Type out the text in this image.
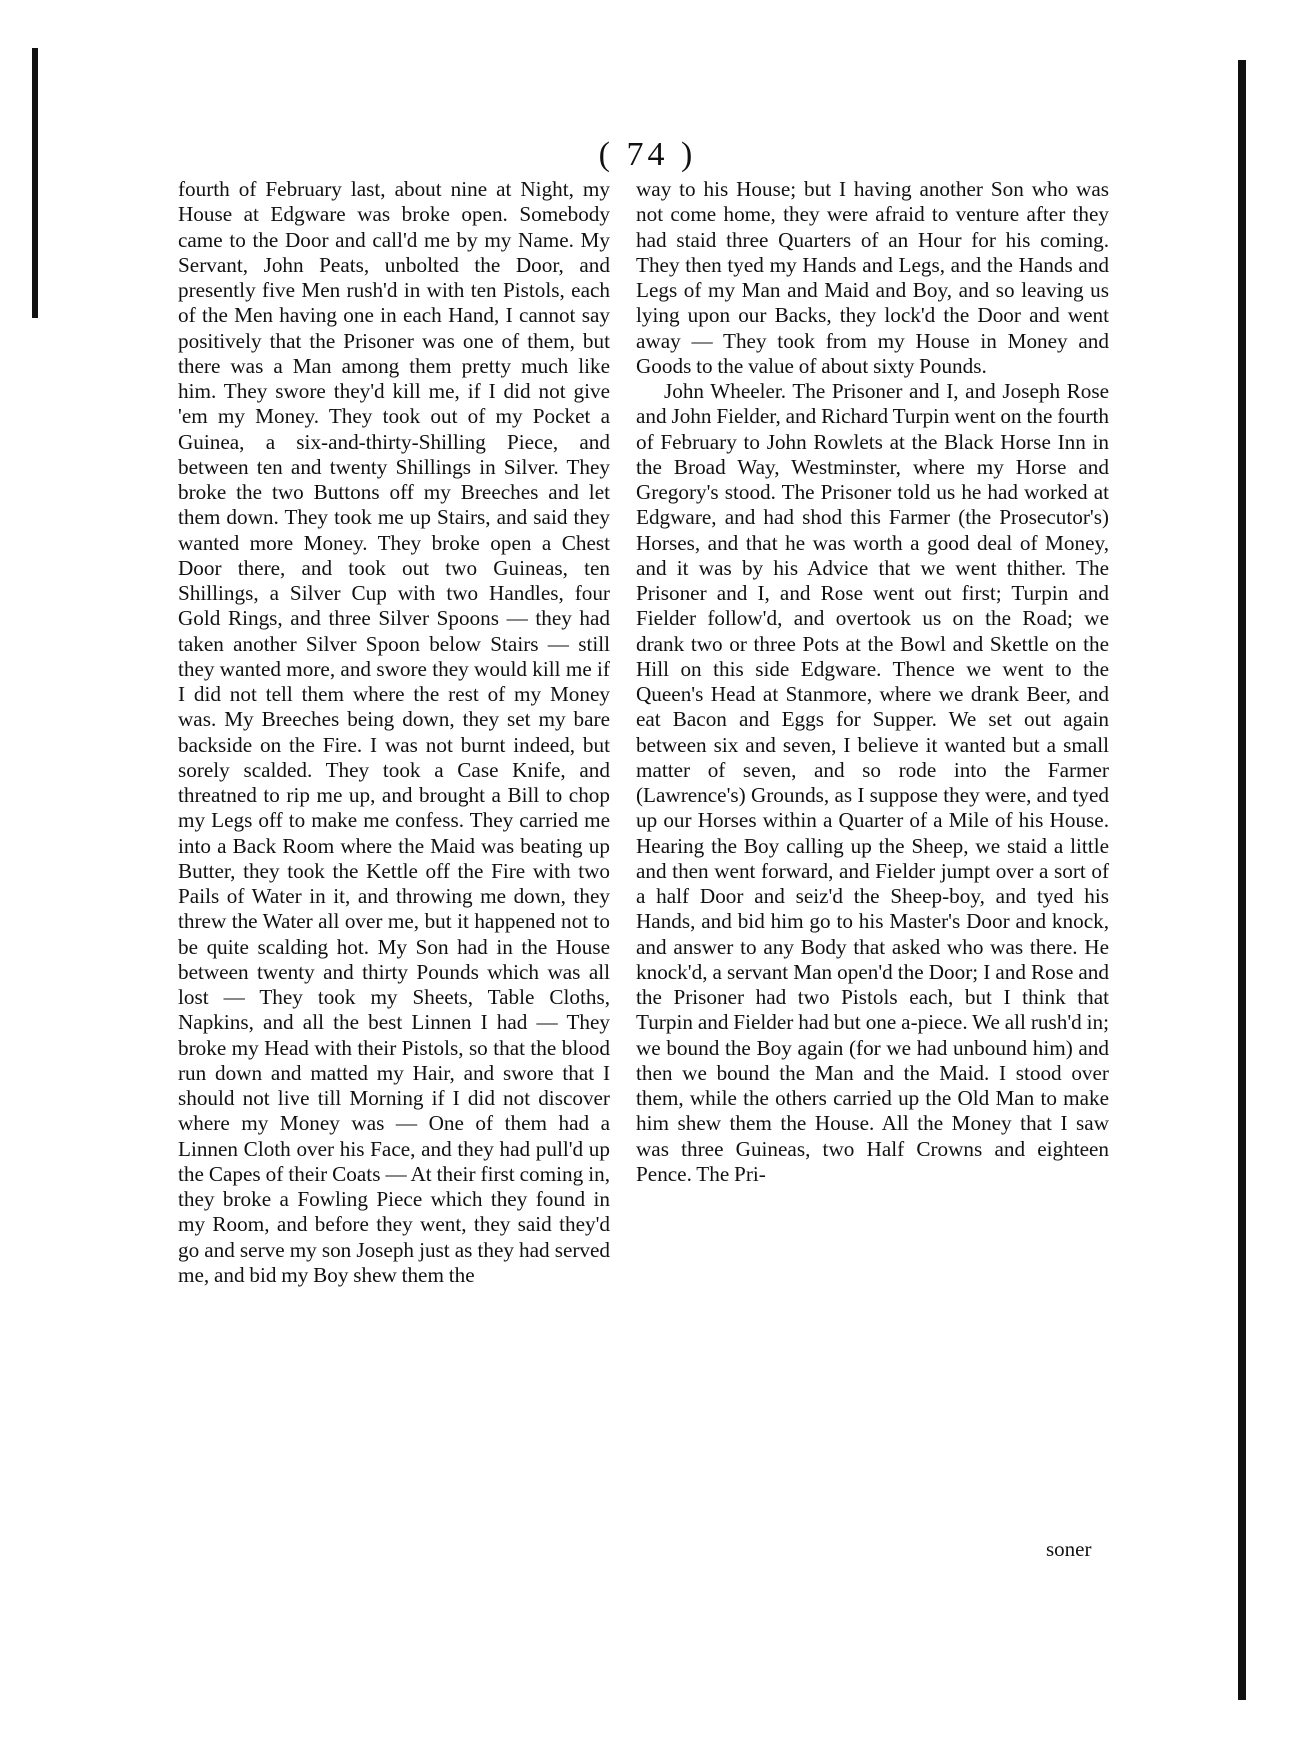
( 74 )

fourth of February last, about nine at Night, my House at Edgware was broke open. Somebody came to the Door and call'd me by my Name. My Servant, John Peats, unbolted the Door, and presently five Men rush'd in with ten Pistols, each of the Men having one in each Hand, I cannot say positively that the Prisoner was one of them, but there was a Man among them pretty much like him. They swore they'd kill me, if I did not give 'em my Money. They took out of my Pocket a Guinea, a six-and-thirty-Shilling Piece, and between ten and twenty Shillings in Silver. They broke the two Buttons off my Breeches and let them down. They took me up Stairs, and said they wanted more Money. They broke open a Chest Door there, and took out two Guineas, ten Shillings, a Silver Cup with two Handles, four Gold Rings, and three Silver Spoons — they had taken another Silver Spoon below Stairs — still they wanted more, and swore they would kill me if I did not tell them where the rest of my Money was. My Breeches being down, they set my bare backside on the Fire. I was not burnt indeed, but sorely scalded. They took a Case Knife, and threatned to rip me up, and brought a Bill to chop my Legs off to make me confess. They carried me into a Back Room where the Maid was beating up Butter, they took the Kettle off the Fire with two Pails of Water in it, and throwing me down, they threw the Water all over me, but it happened not to be quite scalding hot. My Son had in the House between twenty and thirty Pounds which was all lost — They took my Sheets, Table Cloths, Napkins, and all the best Linnen I had — They broke my Head with their Pistols, so that the blood run down and matted my Hair, and swore that I should not live till Morning if I did not discover where my Money was — One of them had a Linnen Cloth over his Face, and they had pull'd up the Capes of their Coats — At their first coming in, they broke a Fowling Piece which they found in my Room, and before they went, they said they'd go and serve my son Joseph just as they had served me, and bid my Boy shew them the

way to his House; but I having another Son who was not come home, they were afraid to venture after they had staid three Quarters of an Hour for his coming. They then tyed my Hands and Legs, and the Hands and Legs of my Man and Maid and Boy, and so leaving us lying upon our Backs, they lock'd the Door and went away — They took from my House in Money and Goods to the value of about sixty Pounds.

John Wheeler. The Prisoner and I, and Joseph Rose and John Fielder, and Richard Turpin went on the fourth of February to John Rowlets at the Black Horse Inn in the Broad Way, Westminster, where my Horse and Gregory's stood. The Prisoner told us he had worked at Edgware, and had shod this Farmer (the Prosecutor's) Horses, and that he was worth a good deal of Money, and it was by his Advice that we went thither. The Prisoner and I, and Rose went out first; Turpin and Fielder follow'd, and overtook us on the Road; we drank two or three Pots at the Bowl and Skettle on the Hill on this side Edgware. Thence we went to the Queen's Head at Stanmore, where we drank Beer, and eat Bacon and Eggs for Supper. We set out again between six and seven, I believe it wanted but a small matter of seven, and so rode into the Farmer (Lawrence's) Grounds, as I suppose they were, and tyed up our Horses within a Quarter of a Mile of his House. Hearing the Boy calling up the Sheep, we staid a little and then went forward, and Fielder jumpt over a sort of a half Door and seiz'd the Sheep-boy, and tyed his Hands, and bid him go to his Master's Door and knock, and answer to any Body that asked who was there. He knock'd, a servant Man open'd the Door; I and Rose and the Prisoner had two Pistols each, but I think that Turpin and Fielder had but one a-piece. We all rush'd in; we bound the Boy again (for we had unbound him) and then we bound the Man and the Maid. I stood over them, while the others carried up the Old Man to make him shew them the House. All the Money that I saw was three Guineas, two Half Crowns and eighteen Pence. The Pri-

soner
